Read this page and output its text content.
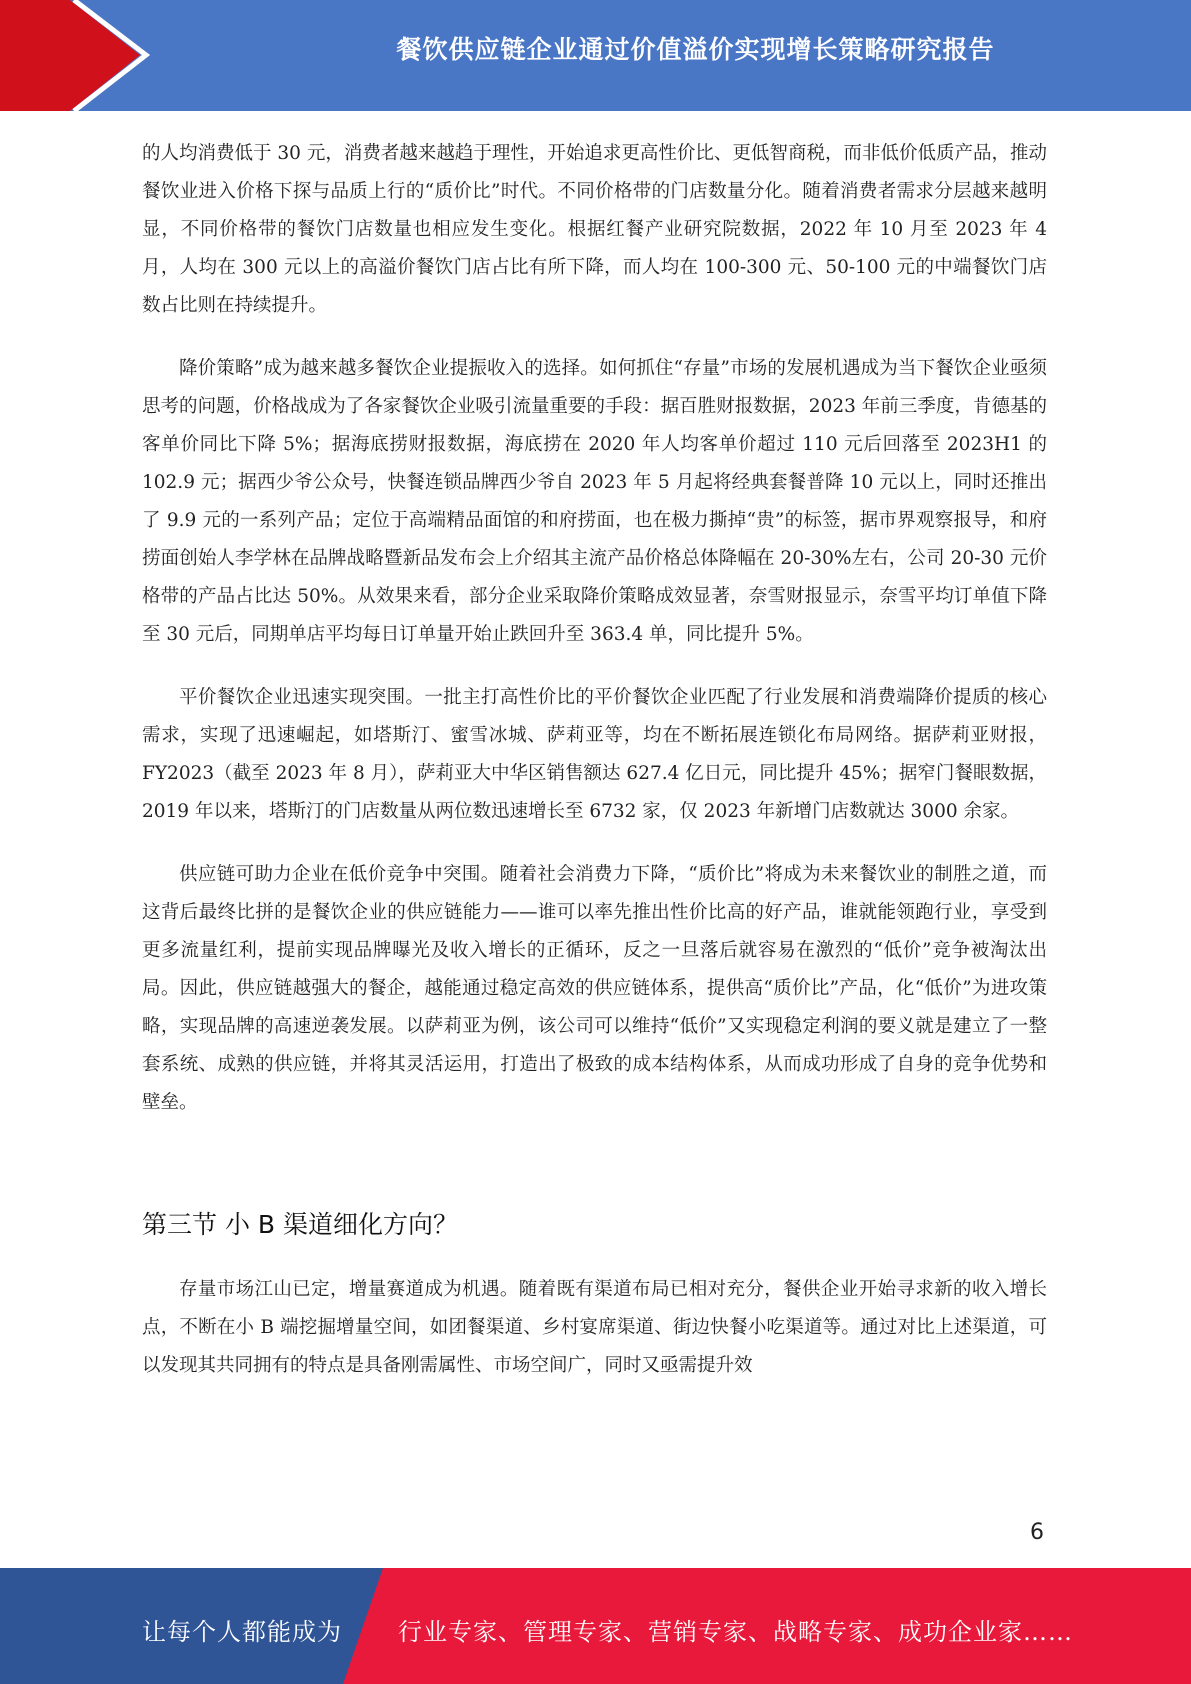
餐饮供应链企业通过价值溢价实现增长策略研究报告

的人均消费低于 30 元，消费者越来越趋于理性，开始追求更高性价比、更低智商税，而非低价低质产品，推动餐饮业进入价格下探与品质上行的“质价比”时代。不同价格带的门店数量分化。随着消费者需求分层越来越明显，不同价格带的餐饮门店数量也相应发生变化。根据红餐产业研究院数据，2022 年 10 月至 2023 年 4 月，人均在 300 元以上的高溢价餐饮门店占比有所下降，而人均在 100-300 元、50-100 元的中端餐饮门店数占比则在持续提升。

降价策略”成为越来越多餐饮企业提振收入的选择。如何抓住“存量”市场的发展机遇成为当下餐饮企业亟须思考的问题，价格战成为了各家餐饮企业吸引流量重要的手段：据百胜财报数据，2023 年前三季度，肯德基的客单价同比下降 5%；据海底捞财报数据，海底捞在 2020 年人均客单价超过 110 元后回落至 2023H1 的 102.9 元；据西少爷公众号，快餐连锁品牌西少爷自 2023 年 5 月起将经典套餐普降 10 元以上，同时还推出了 9.9 元的一系列产品；定位于高端精品面馆的和府捞面，也在极力撕掉“贵”的标签，据市界观察报导，和府捞面创始人李学林在品牌战略暨新品发布会上介绍其主流产品价格总体降幅在 20-30%左右，公司 20-30 元价格带的产品占比达 50%。从效果来看，部分企业采取降价策略成效显著，奈雪财报显示，奈雪平均订单值下降至 30 元后，同期单店平均每日订单量开始止跌回升至 363.4 单，同比提升 5%。

平价餐饮企业迅速实现突围。一批主打高性价比的平价餐饮企业匹配了行业发展和消费端降价提质的核心需求，实现了迅速崛起，如塔斯汀、蜜雪冰城、萨莉亚等，均在不断拓展连锁化布局网络。据萨莉亚财报，FY2023（截至 2023 年 8 月），萨莉亚大中华区销售额达 627.4 亿日元，同比提升 45%；据窄门餐眼数据，2019 年以来，塔斯汀的门店数量从两位数迅速增长至 6732 家，仅 2023 年新增门店数就达 3000 余家。

供应链可助力企业在低价竞争中突围。随着社会消费力下降，“质价比”将成为未来餐饮业的制胜之道，而这背后最终比拼的是餐饮企业的供应链能力——谁可以率先推出性价比高的好产品，谁就能领跑行业，享受到更多流量红利，提前实现品牌曝光及收入增长的正循环，反之一旦落后就容易在激烈的“低价”竞争被淘汰出局。因此，供应链越强大的餐企，越能通过稳定高效的供应链体系，提供高“质价比”产品，化“低价”为进攻策略，实现品牌的高速逆袭发展。以萨莉亚为例，该公司可以维持“低价”又实现稳定利润的要义就是建立了一整套系统、成熟的供应链，并将其灵活运用，打造出了极致的成本结构体系，从而成功形成了自身的竞争优势和壁垒。

第三节 小 B 渠道细化方向？

存量市场江山已定，增量赛道成为机遇。随着既有渠道布局已相对充分，餐供企业开始寻求新的收入增长点，不断在小 B 端挖掘增量空间，如团餐渠道、乡村宴席渠道、街边快餐小吃渠道等。通过对比上述渠道，可以发现其共同拥有的特点是具备刚需属性、市场空间广，同时又亟需提升效

6
让每个人都能成为 行业专家、管理专家、营销专家、战略专家、成功企业家……
